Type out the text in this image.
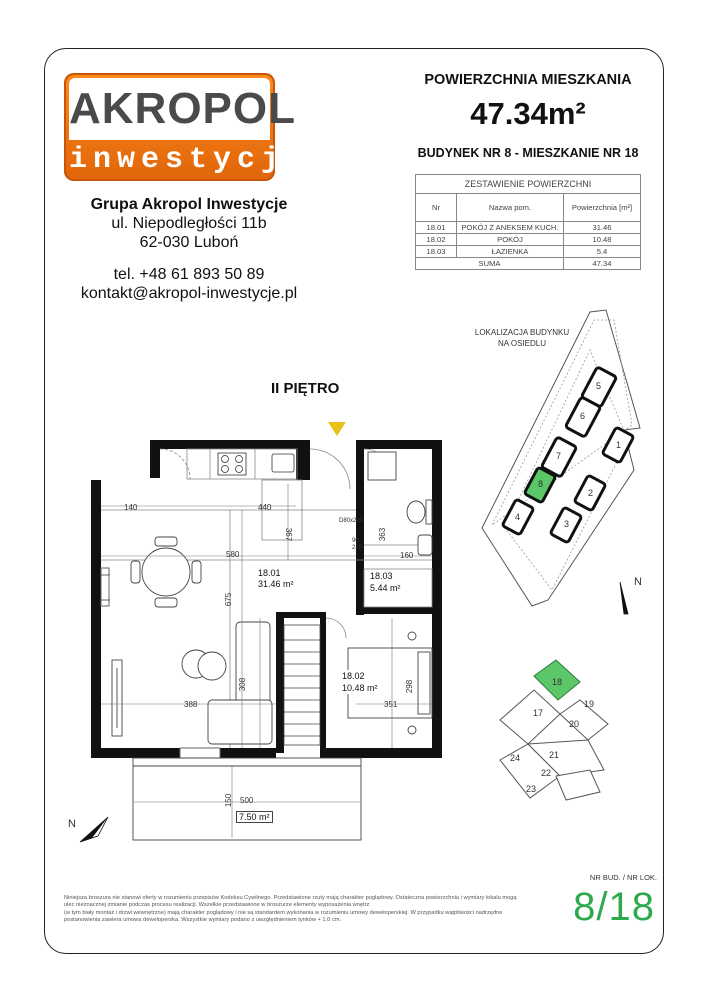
AKROPOL
inwestycje
Grupa Akropol Inwestycje
ul. Niepodległości 11b
62-030 Luboń
tel. +48 61 893 50 89
kontakt@akropol-inwestycje.pl
POWIERZCHNIA MIESZKANIA
47.34m²
BUDYNEK NR 8 - MIESZKANIE NR 18
ZESTAWIENIE POWIERZCHNI		
Nr	Nazwa pom.	Powierzchnia [m²]
18.01	POKÓJ Z ANEKSEM KUCH.	31.46
18.02	POKÓJ	10.48
18.03	ŁAZIENKA	5.4
SUMA		47.34
LOKALIZACJA BUDYNKU
NA OSIEDLU
II PIĘTRO
140	440
580
367	363
160
675
308	298
351
388
500
150
D80x200
90
210
18.01
31.46 m²
18.03
5.44 m²
18.02
10.48 m²
7.50 m²
N
N
5
6
7
8
1
2
3
4
18
17
19
20
21
22
23
24
Niniejsza broszura nie stanowi oferty w rozumieniu przepisów Kodeksu Cywilnego. Przedstawione rzuty mają charakter poglądowy. Ostateczna powierzchnia i wymiary lokalu mogą
ulec nieznacznej zmianie podczas procesu realizacji. Wszelkie przedstawione w broszurze elementy wyposażenia wnętrz
(w tym biały montaż i drzwi wewnętrzne) mają charakter poglądowy i nie są standardem wykonania w rozumieniu umowy deweloperskiej. W przypadku wątpliwości nadrzędne
postanowienia zawiera umowa deweloperska. Wszystkie wymiary podano z uwzględnieniem tynków + 1.0 cm.
NR BUD. / NR LOK.
8/18
